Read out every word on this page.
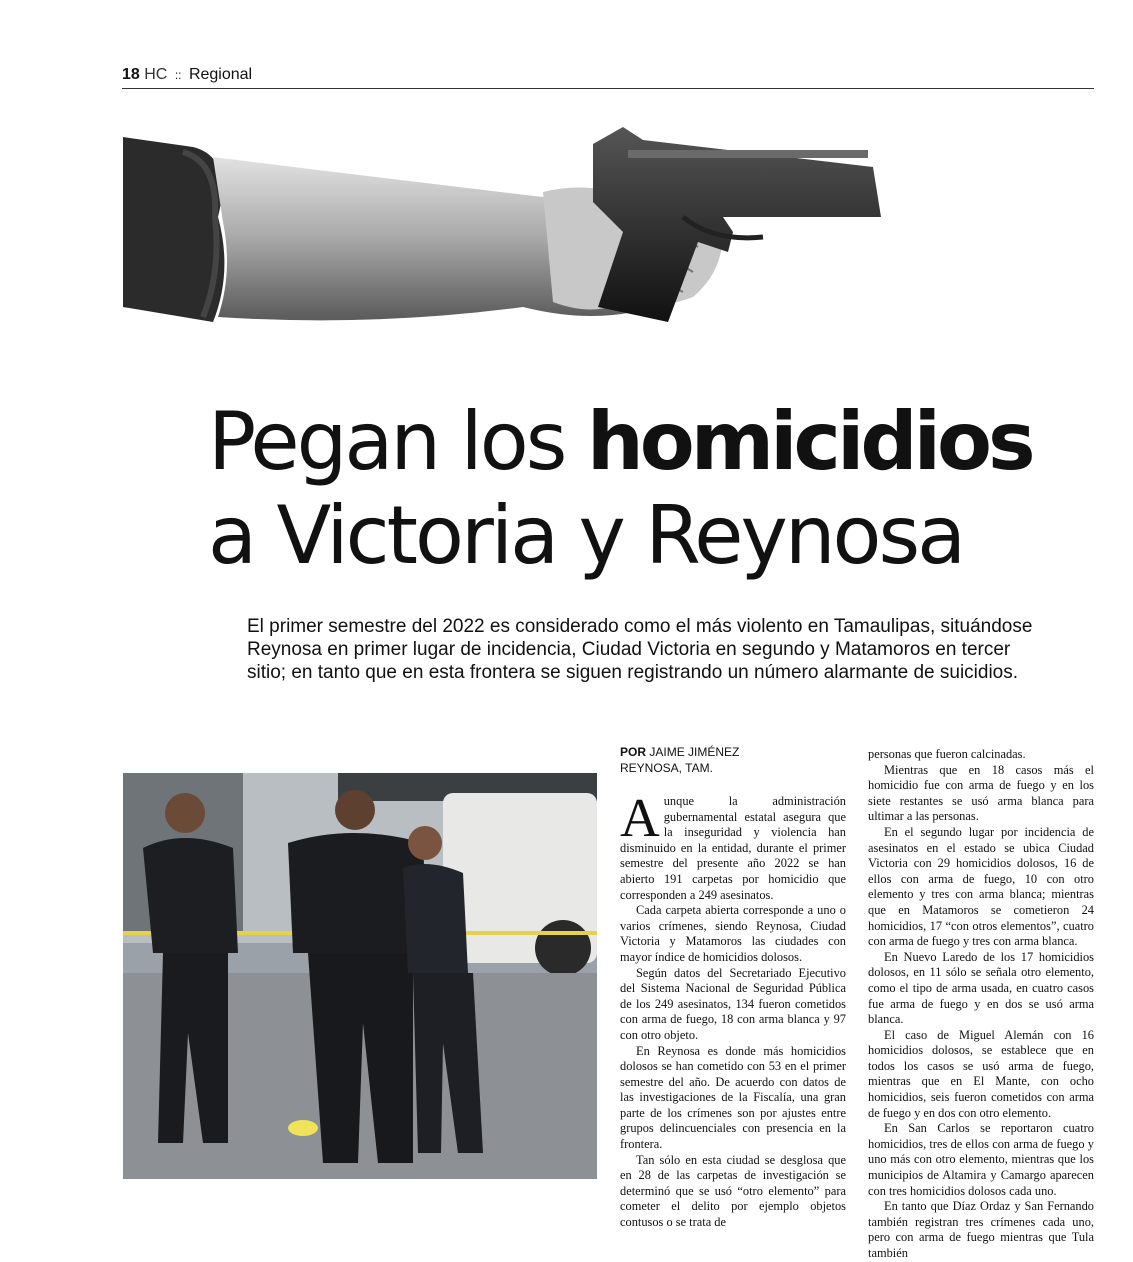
18 HC :: Regional
Pegan los homicidios
a Victoria y Reynosa

El primer semestre del 2022 es considerado como el más violento en Tamaulipas, situándose Reynosa en primer lugar de incidencia, Ciudad Victoria en segundo y Matamoros en tercer sitio; en tanto que en esta frontera se siguen registrando un número alarmante de suicidios.

POR JAIME JIMÉNEZ
REYNOSA, TAM.

Aunque la administración gubernamental estatal asegura que la inseguridad y violencia han disminuido en la entidad, durante el primer semestre del presente año 2022 se han abierto 191 carpetas por homicidio que corresponden a 249 asesinatos.

Cada carpeta abierta corresponde a uno o varios crímenes, siendo Reynosa, Ciudad Victoria y Matamoros las ciudades con mayor índice de homicidios dolosos.

Según datos del Secretariado Ejecutivo del Sistema Nacional de Seguridad Pública de los 249 asesinatos, 134 fueron cometidos con arma de fuego, 18 con arma blanca y 97 con otro objeto.

En Reynosa es donde más homicidios dolosos se han cometido con 53 en el primer semestre del año. De acuerdo con datos de las investigaciones de la Fiscalía, una gran parte de los crímenes son por ajustes entre grupos delincuenciales con presencia en la frontera.

Tan sólo en esta ciudad se desglosa que en 28 de las carpetas de investigación se determinó que se usó “otro elemento” para cometer el delito por ejemplo objetos contusos o se trata de

personas que fueron calcinadas.

Mientras que en 18 casos más el homicidio fue con arma de fuego y en los siete restantes se usó arma blanca para ultimar a las personas.

En el segundo lugar por incidencia de asesinatos en el estado se ubica Ciudad Victoria con 29 homicidios dolosos, 16 de ellos con arma de fuego, 10 con otro elemento y tres con arma blanca; mientras que en Matamoros se cometieron 24 homicidios, 17 “con otros elementos”, cuatro con arma de fuego y tres con arma blanca.

En Nuevo Laredo de los 17 homicidios dolosos, en 11 sólo se señala otro elemento, como el tipo de arma usada, en cuatro casos fue arma de fuego y en dos se usó arma blanca.

El caso de Miguel Alemán con 16 homicidios dolosos, se establece que en todos los casos se usó arma de fuego, mientras que en El Mante, con ocho homicidios, seis fueron cometidos con arma de fuego y en dos con otro elemento.

En San Carlos se reportaron cuatro homicidios, tres de ellos con arma de fuego y uno más con otro elemento, mientras que los municipios de Altamira y Camargo aparecen con tres homicidios dolosos cada uno.

En tanto que Díaz Ordaz y San Fernando también registran tres crímenes cada uno, pero con arma de fuego mientras que Tula también
